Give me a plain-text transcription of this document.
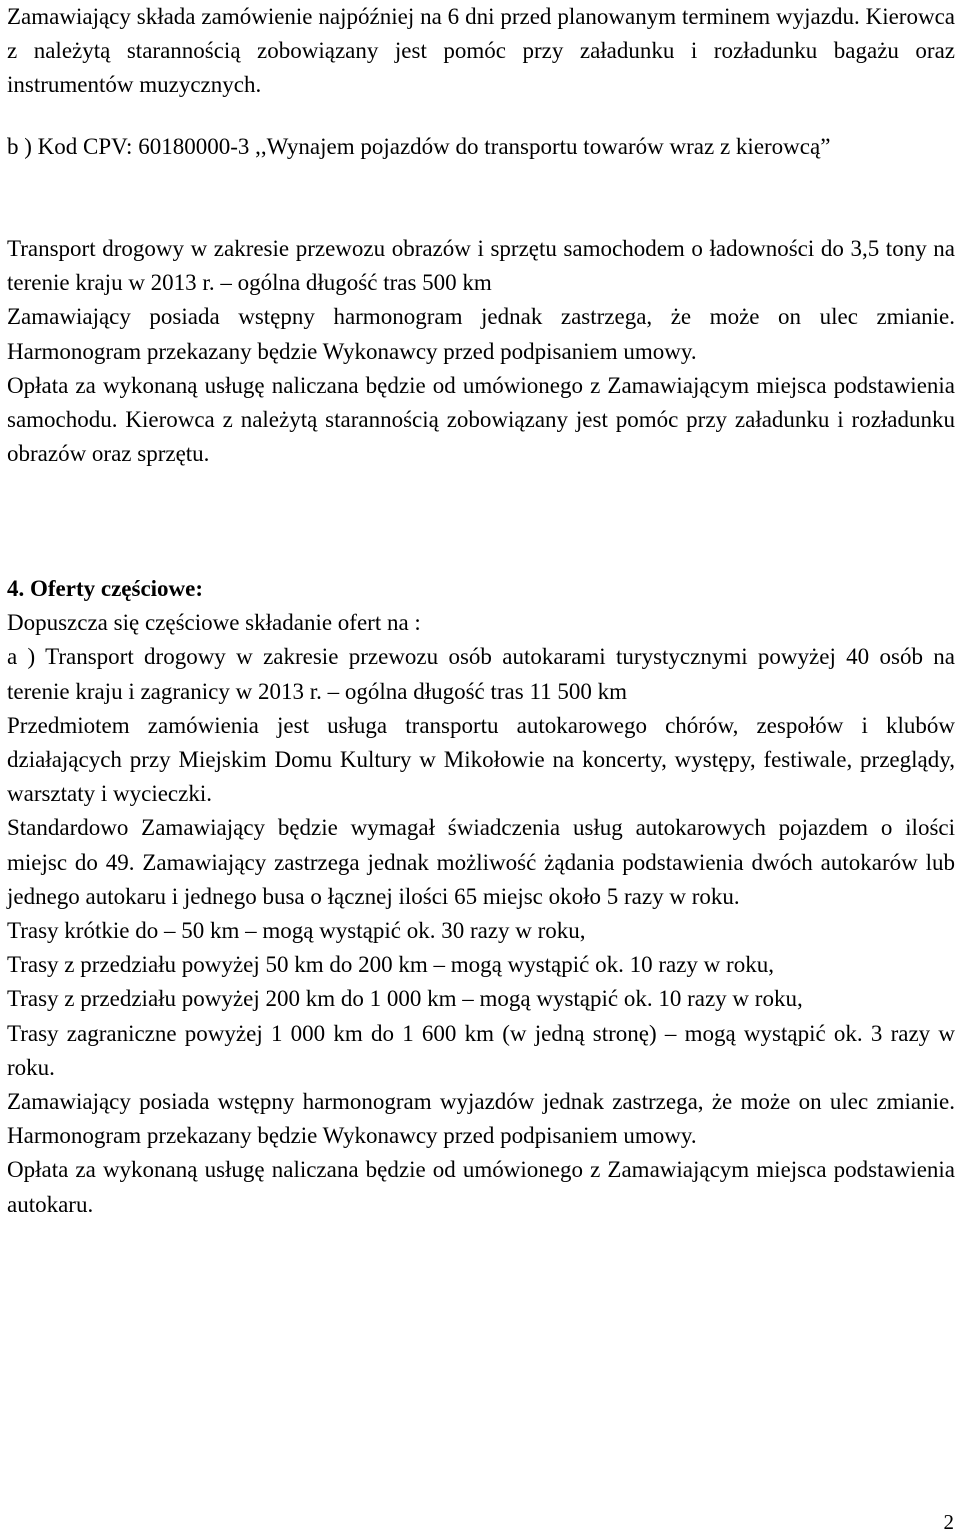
Zamawiający składa zamówienie najpóźniej na 6 dni przed planowanym terminem wyjazdu. Kierowca z należytą starannością zobowiązany jest pomóc przy załadunku i rozładunku bagażu oraz instrumentów muzycznych.

b ) Kod CPV: 60180000-3 ,,Wynajem pojazdów do transportu towarów wraz z kierowcą”

Transport drogowy w zakresie przewozu obrazów i sprzętu samochodem o ładowności do 3,5 tony na terenie kraju w 2013 r. – ogólna długość tras 500 km

Zamawiający posiada wstępny harmonogram jednak zastrzega, że może on ulec zmianie. Harmonogram przekazany będzie Wykonawcy przed podpisaniem umowy.

Opłata za wykonaną usługę naliczana będzie od umówionego z Zamawiającym miejsca podstawienia samochodu. Kierowca z należytą starannością zobowiązany jest pomóc przy załadunku i rozładunku obrazów oraz sprzętu.

4. Oferty częściowe:

Dopuszcza się częściowe składanie ofert na :

a ) Transport drogowy w zakresie przewozu osób autokarami turystycznymi powyżej 40 osób na terenie kraju i zagranicy w 2013 r. – ogólna długość tras 11 500 km

Przedmiotem zamówienia jest usługa transportu autokarowego chórów, zespołów i klubów działających przy Miejskim Domu Kultury w Mikołowie na koncerty, występy, festiwale, przeglądy, warsztaty i wycieczki.

Standardowo Zamawiający będzie wymagał świadczenia usług autokarowych pojazdem o ilości miejsc do 49. Zamawiający zastrzega jednak możliwość żądania podstawienia dwóch autokarów lub jednego autokaru i jednego busa o łącznej ilości 65 miejsc około 5 razy w roku.

Trasy krótkie do – 50 km – mogą wystąpić ok. 30 razy w roku,

Trasy z przedziału powyżej 50 km do 200 km – mogą wystąpić ok. 10 razy w roku,

Trasy z przedziału powyżej 200 km do 1 000 km – mogą wystąpić ok. 10 razy w roku,

Trasy zagraniczne powyżej 1 000 km do 1 600 km (w jedną stronę) – mogą wystąpić ok. 3 razy w roku.

Zamawiający posiada wstępny harmonogram wyjazdów jednak zastrzega, że może on ulec zmianie. Harmonogram przekazany będzie Wykonawcy przed podpisaniem umowy.

Opłata za wykonaną usługę naliczana będzie od umówionego z Zamawiającym miejsca podstawienia autokaru.

2
